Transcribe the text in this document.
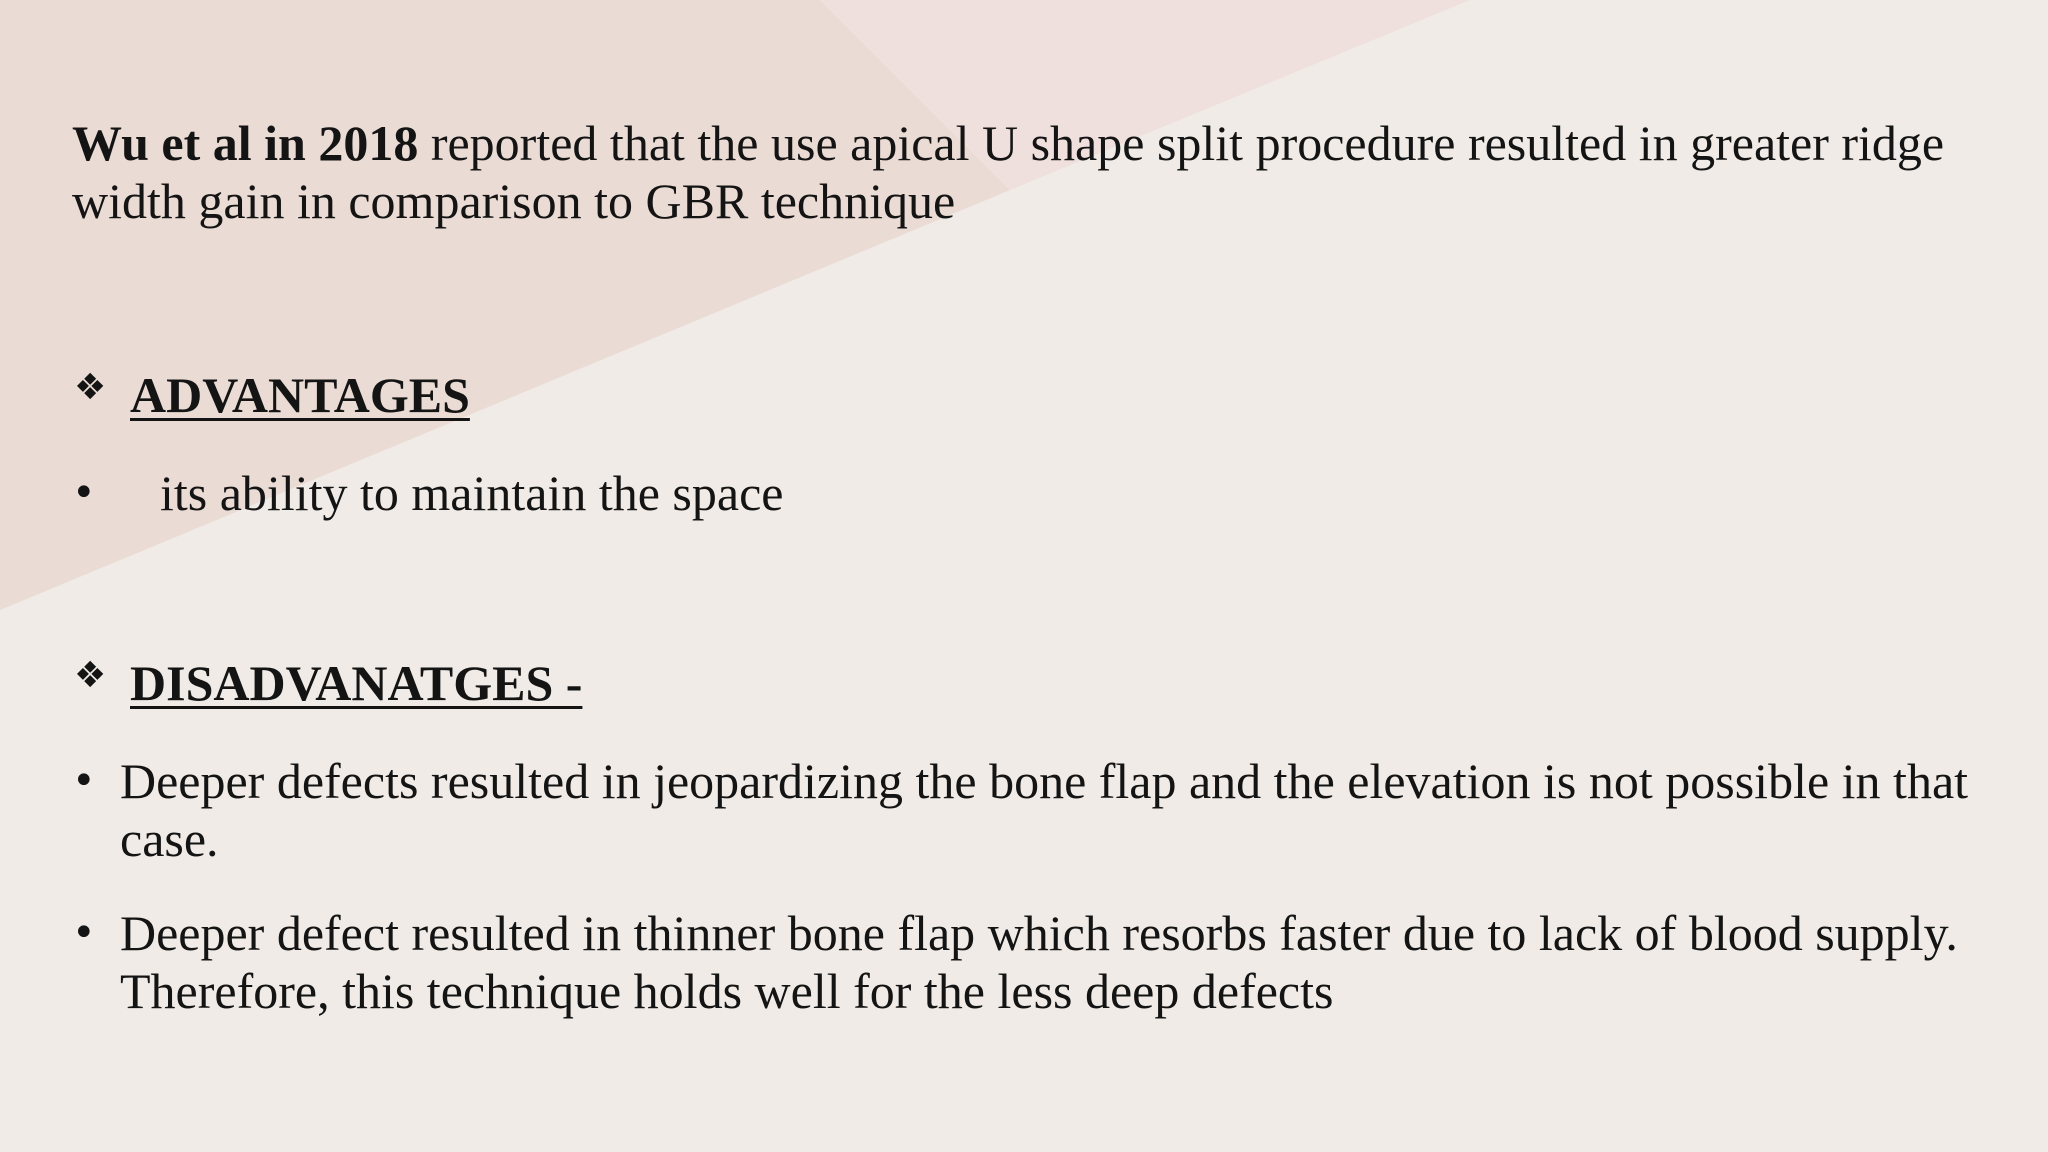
Wu et al in 2018 reported that the use apical U shape split procedure resulted in greater ridge width gain in comparison to GBR technique

❖ ADVANTAGES
• its ability to maintain the space
❖ DISADVANATGES -
• Deeper defects resulted in jeopardizing the bone flap and the elevation is not possible in that case.
• Deeper defect resulted in thinner bone flap which resorbs faster due to lack of blood supply. Therefore, this technique holds well for the less deep defects
